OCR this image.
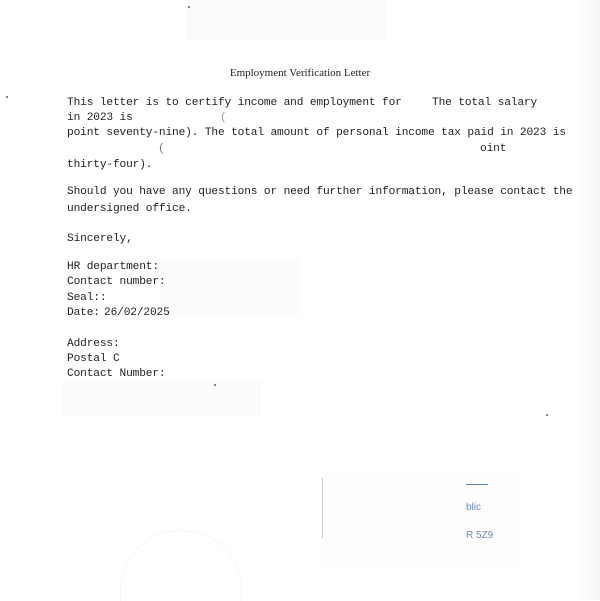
Employment Verification Letter
This letter is to certify income and employment for	The total salary
in 2023 is	(
point seventy-nine). The total amount of personal income tax paid in 2023 is
(	oint
thirty-four).
Should you have any questions or need further information, please contact the
undersigned office.
Sincerely,
HR department:
Contact number:
Seal::
Date: 26/02/2025
Address:
Postal C
Contact Number:
blic
R 5Z9
